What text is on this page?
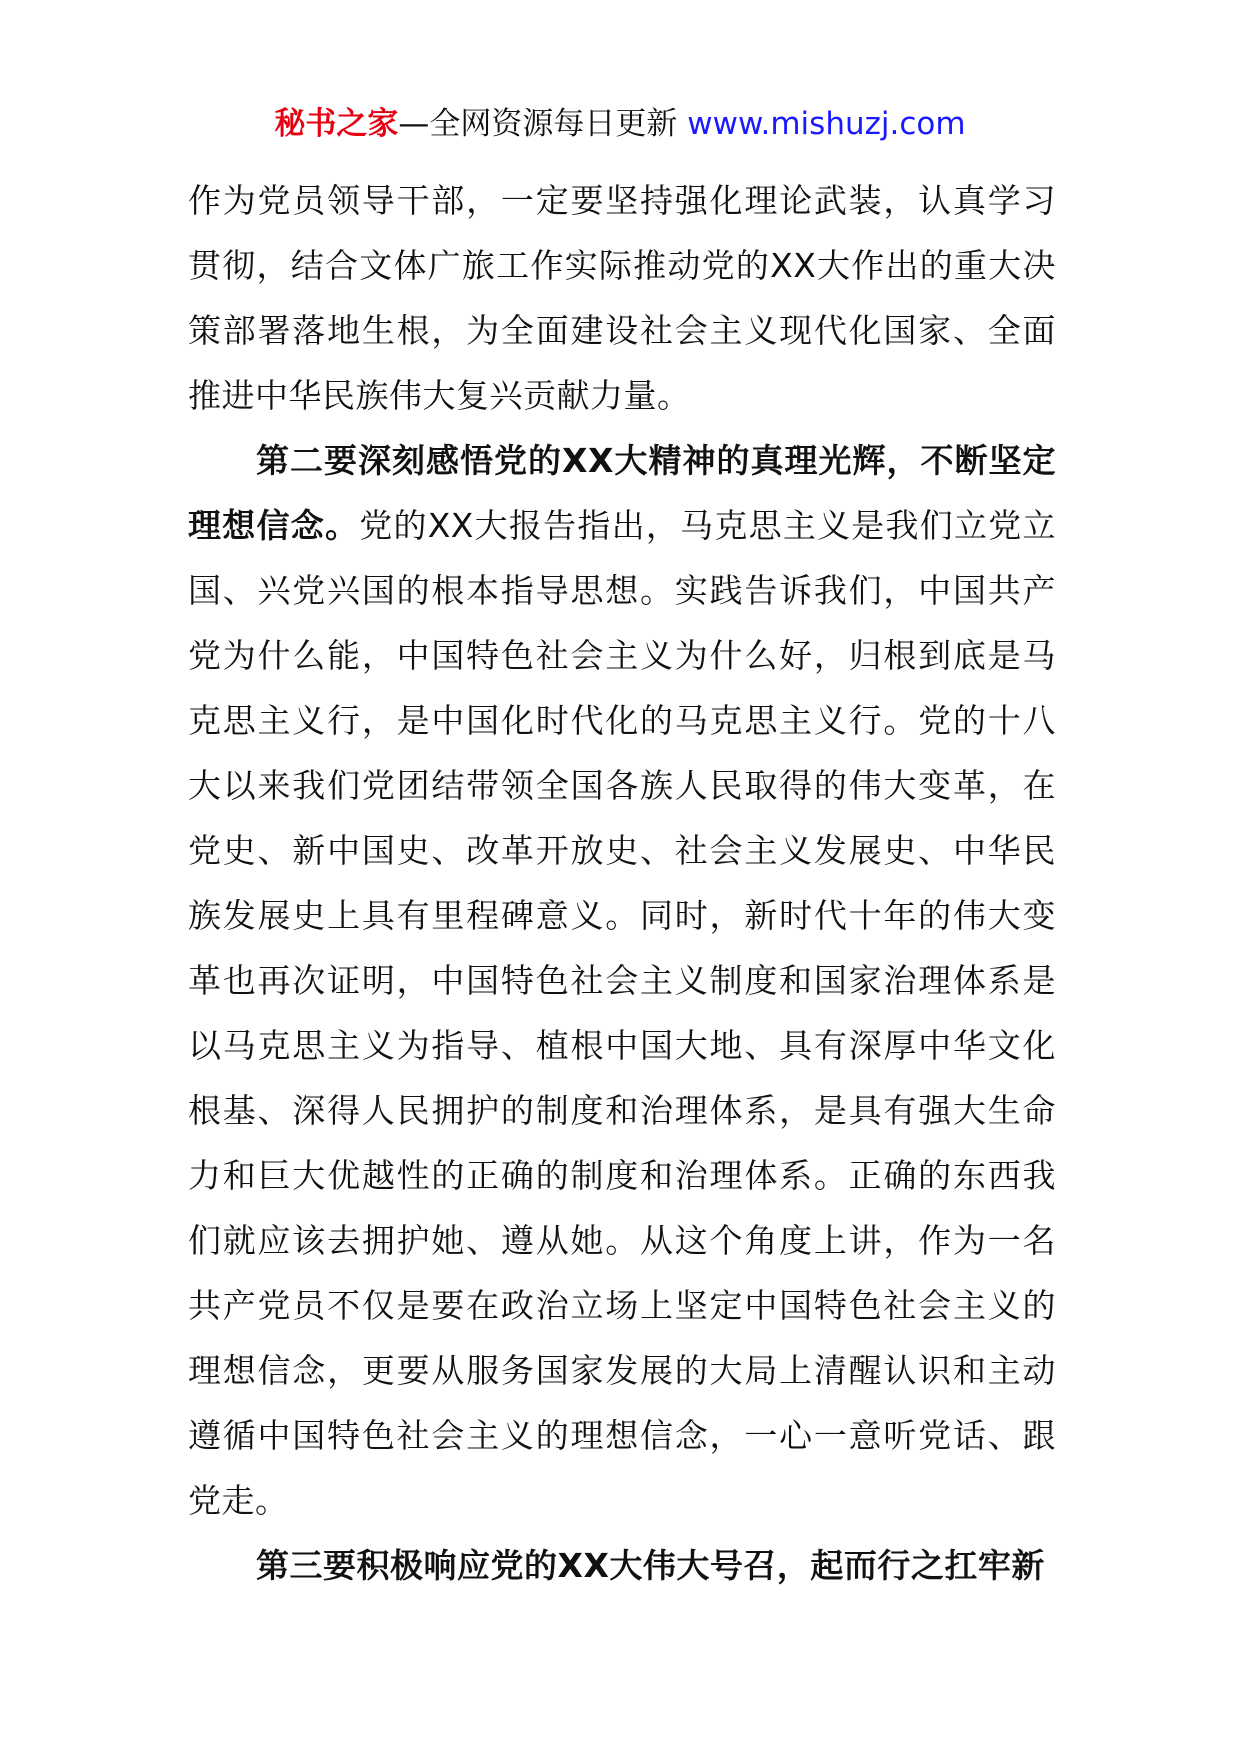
秘书之家—全网资源每日更新 www.mishuzj.com

作为党员领导干部，一定要坚持强化理论武装，认真学习贯彻，结合文体广旅工作实际推动党的XX大作出的重大决策部署落地生根，为全面建设社会主义现代化国家、全面推进中华民族伟大复兴贡献力量。

第二要深刻感悟党的XX大精神的真理光辉，不断坚定理想信念。党的XX大报告指出，马克思主义是我们立党立国、兴党兴国的根本指导思想。实践告诉我们，中国共产党为什么能，中国特色社会主义为什么好，归根到底是马克思主义行，是中国化时代化的马克思主义行。党的十八大以来我们党团结带领全国各族人民取得的伟大变革，在党史、新中国史、改革开放史、社会主义发展史、中华民族发展史上具有里程碑意义。同时，新时代十年的伟大变革也再次证明，中国特色社会主义制度和国家治理体系是以马克思主义为指导、植根中国大地、具有深厚中华文化根基、深得人民拥护的制度和治理体系，是具有强大生命力和巨大优越性的正确的制度和治理体系。正确的东西我们就应该去拥护她、遵从她。从这个角度上讲，作为一名共产党员不仅是要在政治立场上坚定中国特色社会主义的理想信念，更要从服务国家发展的大局上清醒认识和主动遵循中国特色社会主义的理想信念，一心一意听党话、跟党走。

第三要积极响应党的XX大伟大号召，起而行之扛牢新
